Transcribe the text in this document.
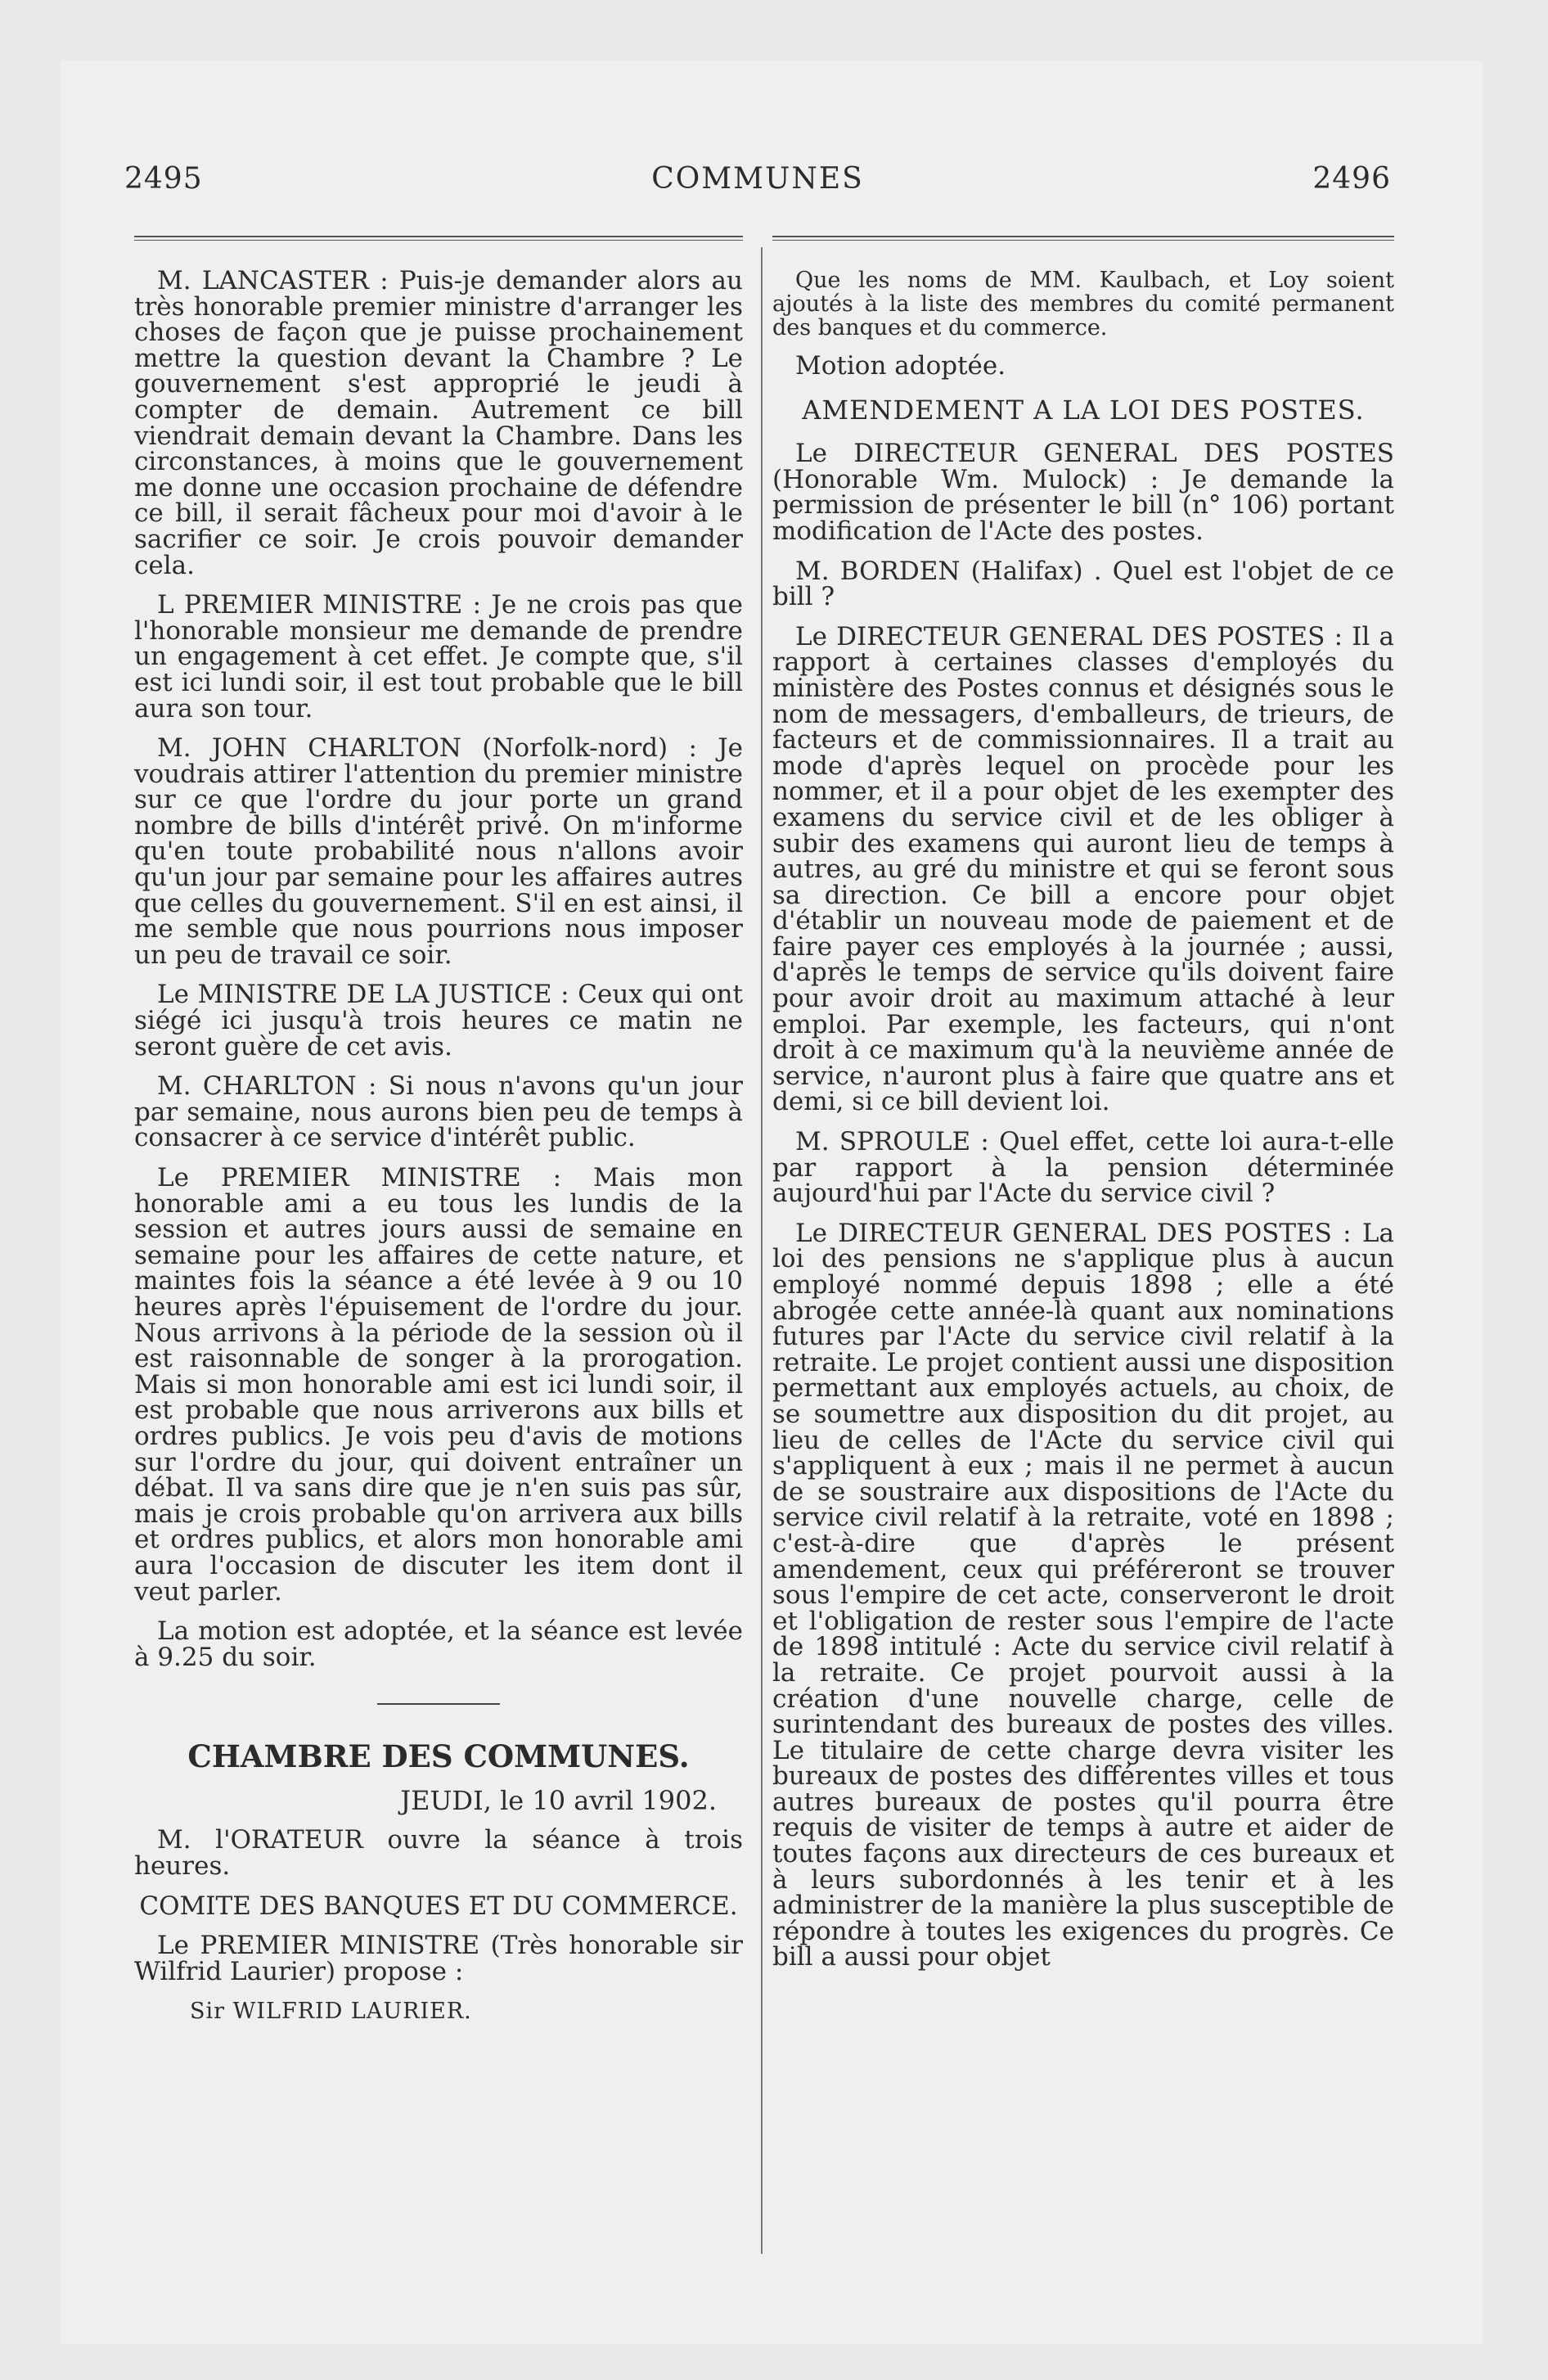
2495	COMMUNES	2496

M. LANCASTER : Puis-je demander alors au très honorable premier ministre d'arranger les choses de façon que je puisse prochainement mettre la question devant la Chambre ? Le gouvernement s'est approprié le jeudi à compter de demain. Autrement ce bill viendrait demain devant la Chambre. Dans les circonstances, à moins que le gouvernement me donne une occasion prochaine de défendre ce bill, il serait fâcheux pour moi d'avoir à le sacrifier ce soir. Je crois pouvoir demander cela.

L PREMIER MINISTRE : Je ne crois pas que l'honorable monsieur me demande de prendre un engagement à cet effet. Je compte que, s'il est ici lundi soir, il est tout probable que le bill aura son tour.

M. JOHN CHARLTON (Norfolk-nord) : Je voudrais attirer l'attention du premier ministre sur ce que l'ordre du jour porte un grand nombre de bills d'intérêt privé. On m'informe qu'en toute probabilité nous n'allons avoir qu'un jour par semaine pour les affaires autres que celles du gouvernement. S'il en est ainsi, il me semble que nous pourrions nous imposer un peu de travail ce soir.

Le MINISTRE DE LA JUSTICE : Ceux qui ont siégé ici jusqu'à trois heures ce matin ne seront guère de cet avis.

M. CHARLTON : Si nous n'avons qu'un jour par semaine, nous aurons bien peu de temps à consacrer à ce service d'intérêt public.

Le PREMIER MINISTRE : Mais mon honorable ami a eu tous les lundis de la session et autres jours aussi de semaine en semaine pour les affaires de cette nature, et maintes fois la séance a été levée à 9 ou 10 heures après l'épuisement de l'ordre du jour. Nous arrivons à la période de la session où il est raisonnable de songer à la prorogation. Mais si mon honorable ami est ici lundi soir, il est probable que nous arriverons aux bills et ordres publics. Je vois peu d'avis de motions sur l'ordre du jour, qui doivent entraîner un débat. Il va sans dire que je n'en suis pas sûr, mais je crois probable qu'on arrivera aux bills et ordres publics, et alors mon honorable ami aura l'occasion de discuter les item dont il veut parler.

La motion est adoptée, et la séance est levée à 9.25 du soir.

CHAMBRE DES COMMUNES.

JEUDI, le 10 avril 1902.

M. l'ORATEUR ouvre la séance à trois heures.

COMITE DES BANQUES ET DU COMMERCE.

Le PREMIER MINISTRE (Très honorable sir Wilfrid Laurier) propose :

Sir WILFRID LAURIER.

Que les noms de MM. Kaulbach, et Loy soient ajoutés à la liste des membres du comité permanent des banques et du commerce.

Motion adoptée.

AMENDEMENT A LA LOI DES POSTES.

Le DIRECTEUR GENERAL DES POSTES (Honorable Wm. Mulock) : Je demande la permission de présenter le bill (n° 106) portant modification de l'Acte des postes.

M. BORDEN (Halifax) . Quel est l'objet de ce bill ?

Le DIRECTEUR GENERAL DES POSTES : Il a rapport à certaines classes d'employés du ministère des Postes connus et désignés sous le nom de messagers, d'emballeurs, de trieurs, de facteurs et de commissionnaires. Il a trait au mode d'après lequel on procède pour les nommer, et il a pour objet de les exempter des examens du service civil et de les obliger à subir des examens qui auront lieu de temps à autres, au gré du ministre et qui se feront sous sa direction. Ce bill a encore pour objet d'établir un nouveau mode de paiement et de faire payer ces employés à la journée ; aussi, d'après le temps de service qu'ils doivent faire pour avoir droit au maximum attaché à leur emploi. Par exemple, les facteurs, qui n'ont droit à ce maximum qu'à la neuvième année de service, n'auront plus à faire que quatre ans et demi, si ce bill devient loi.

M. SPROULE : Quel effet, cette loi aura-t-elle par rapport à la pension déterminée aujourd'hui par l'Acte du service civil ?

Le DIRECTEUR GENERAL DES POSTES : La loi des pensions ne s'applique plus à aucun employé nommé depuis 1898 ; elle a été abrogée cette année-là quant aux nominations futures par l'Acte du service civil relatif à la retraite. Le projet contient aussi une disposition permettant aux employés actuels, au choix, de se soumettre aux disposition du dit projet, au lieu de celles de l'Acte du service civil qui s'appliquent à eux ; mais il ne permet à aucun de se soustraire aux dispositions de l'Acte du service civil relatif à la retraite, voté en 1898 ; c'est-à-dire que d'après le présent amendement, ceux qui préféreront se trouver sous l'empire de cet acte, conserveront le droit et l'obligation de rester sous l'empire de l'acte de 1898 intitulé : Acte du service civil relatif à la retraite. Ce projet pourvoit aussi à la création d'une nouvelle charge, celle de surintendant des bureaux de postes des villes. Le titulaire de cette charge devra visiter les bureaux de postes des différentes villes et tous autres bureaux de postes qu'il pourra être requis de visiter de temps à autre et aider de toutes façons aux directeurs de ces bureaux et à leurs subordonnés à les tenir et à les administrer de la manière la plus susceptible de répondre à toutes les exigences du progrès. Ce bill a aussi pour objet
